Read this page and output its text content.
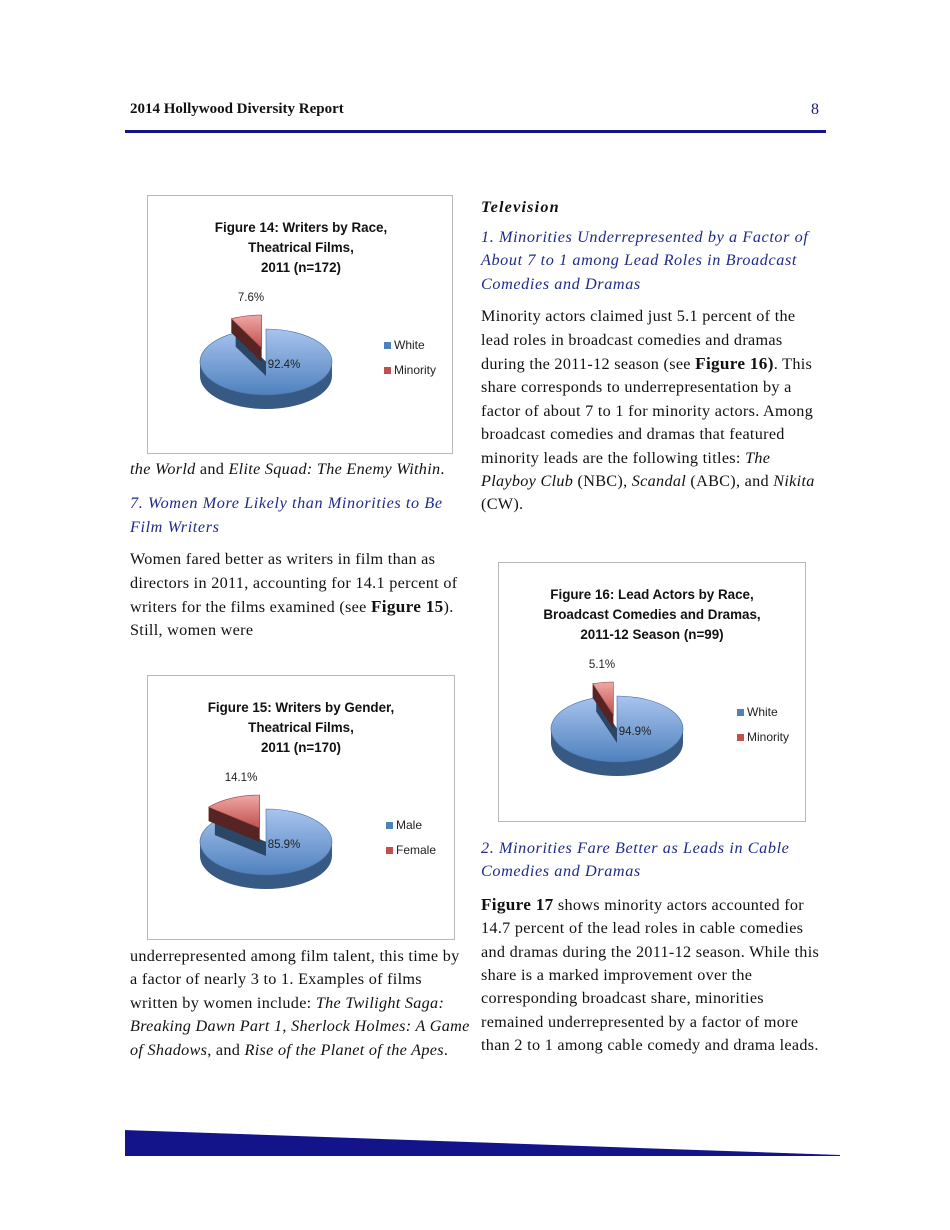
2014 Hollywood Diversity Report	8
Figure 14: Writers by Race,
Theatrical Films,
2011 (n=172)
92.4%
7.6%
White
Minority

the World and Elite Squad: The Enemy Within.

7. Women More Likely than Minorities to Be Film Writers

Women fared better as writers in film than as directors in 2011, accounting for 14.1 percent of writers for the films examined (see Figure 15). Still, women were

Figure 15: Writers by Gender,
Theatrical Films,
2011 (n=170)
85.9%
14.1%
Male
Female

underrepresented among film talent, this time by a factor of nearly 3 to 1. Examples of films written by women include: The Twilight Saga: Breaking Dawn Part 1, Sherlock Holmes: A Game of Shadows, and Rise of the Planet of the Apes.

Television

1. Minorities Underrepresented by a Factor of About 7 to 1 among Lead Roles in Broadcast Comedies and Dramas

Minority actors claimed just 5.1 percent of the lead roles in broadcast comedies and dramas during the 2011-12 season (see Figure 16). This share corresponds to underrepresentation by a factor of about 7 to 1 for minority actors. Among broadcast comedies and dramas that featured minority leads are the following titles: The Playboy Club (NBC), Scandal (ABC), and Nikita (CW).

Figure 16: Lead Actors by Race,
Broadcast Comedies and Dramas,
2011-12 Season (n=99)
94.9%
5.1%
White
Minority

2. Minorities Fare Better as Leads in Cable Comedies and Dramas

Figure 17 shows minority actors accounted for 14.7 percent of the lead roles in cable comedies and dramas during the 2011-12 season. While this share is a marked improvement over the corresponding broadcast share, minorities remained underrepresented by a factor of more than 2 to 1 among cable comedy and drama leads.
